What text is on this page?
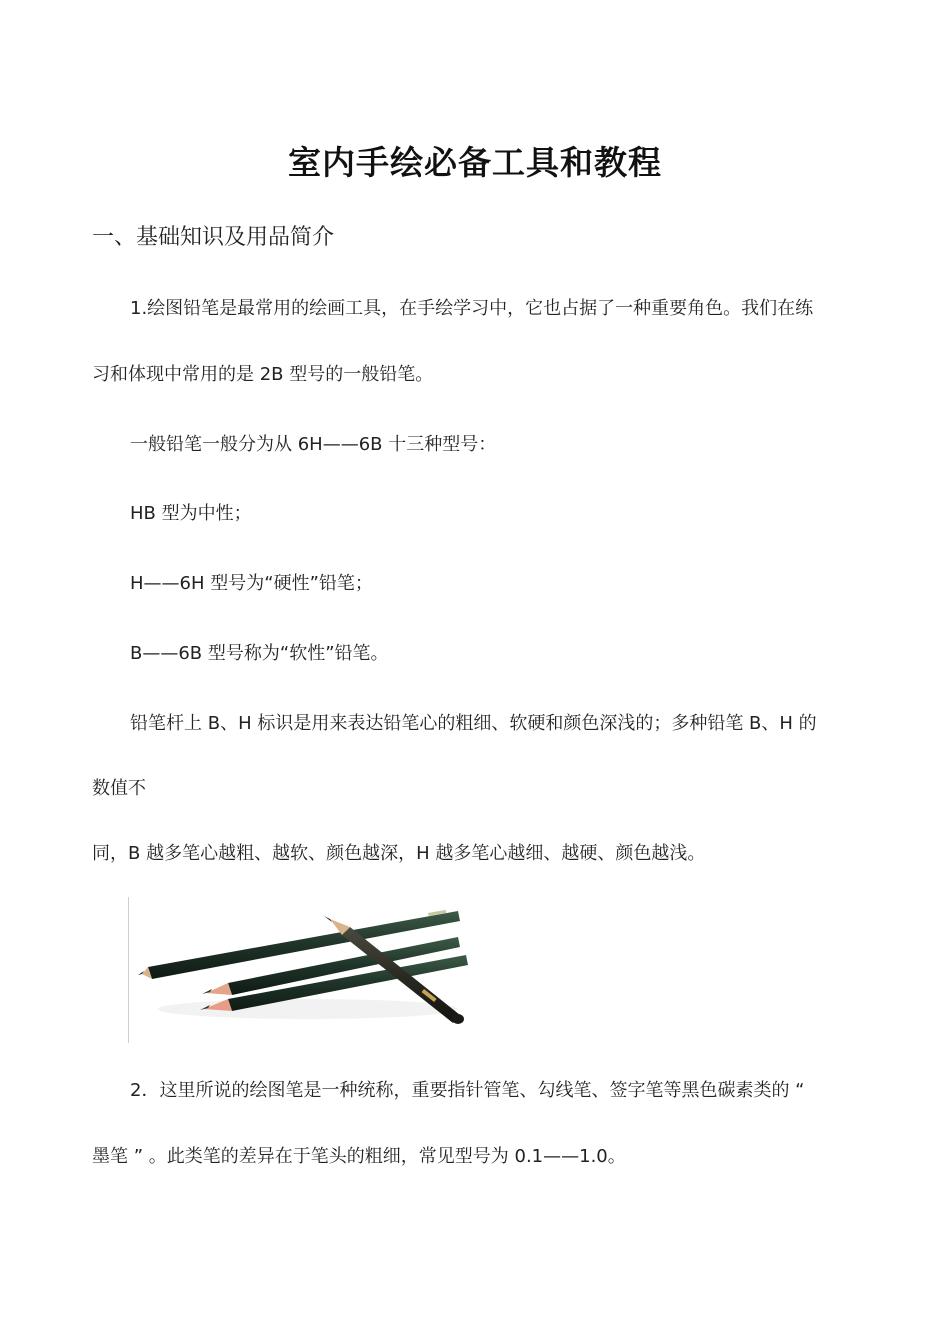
室内手绘必备工具和教程
一、基础知识及用品简介
1.绘图铅笔是最常用的绘画工具，在手绘学习中，它也占据了一种重要角色。我们在练
习和体现中常用的是 2B 型号的一般铅笔。
一般铅笔一般分为从 6H——6B 十三种型号：
HB 型为中性；
H——6H 型号为“硬性”铅笔；
B——6B 型号称为“软性”铅笔。
铅笔杆上 B、H 标识是用来表达铅笔心的粗细、软硬和颜色深浅的；多种铅笔 B、H 的
数值不
同，B 越多笔心越粗、越软、颜色越深，H 越多笔心越细、越硬、颜色越浅。
2．这里所说的绘图笔是一种统称，重要指针管笔、勾线笔、签字笔等黑色碳素类的 “
墨笔 ” 。此类笔的差异在于笔头的粗细，常见型号为 0.1——1.0。
